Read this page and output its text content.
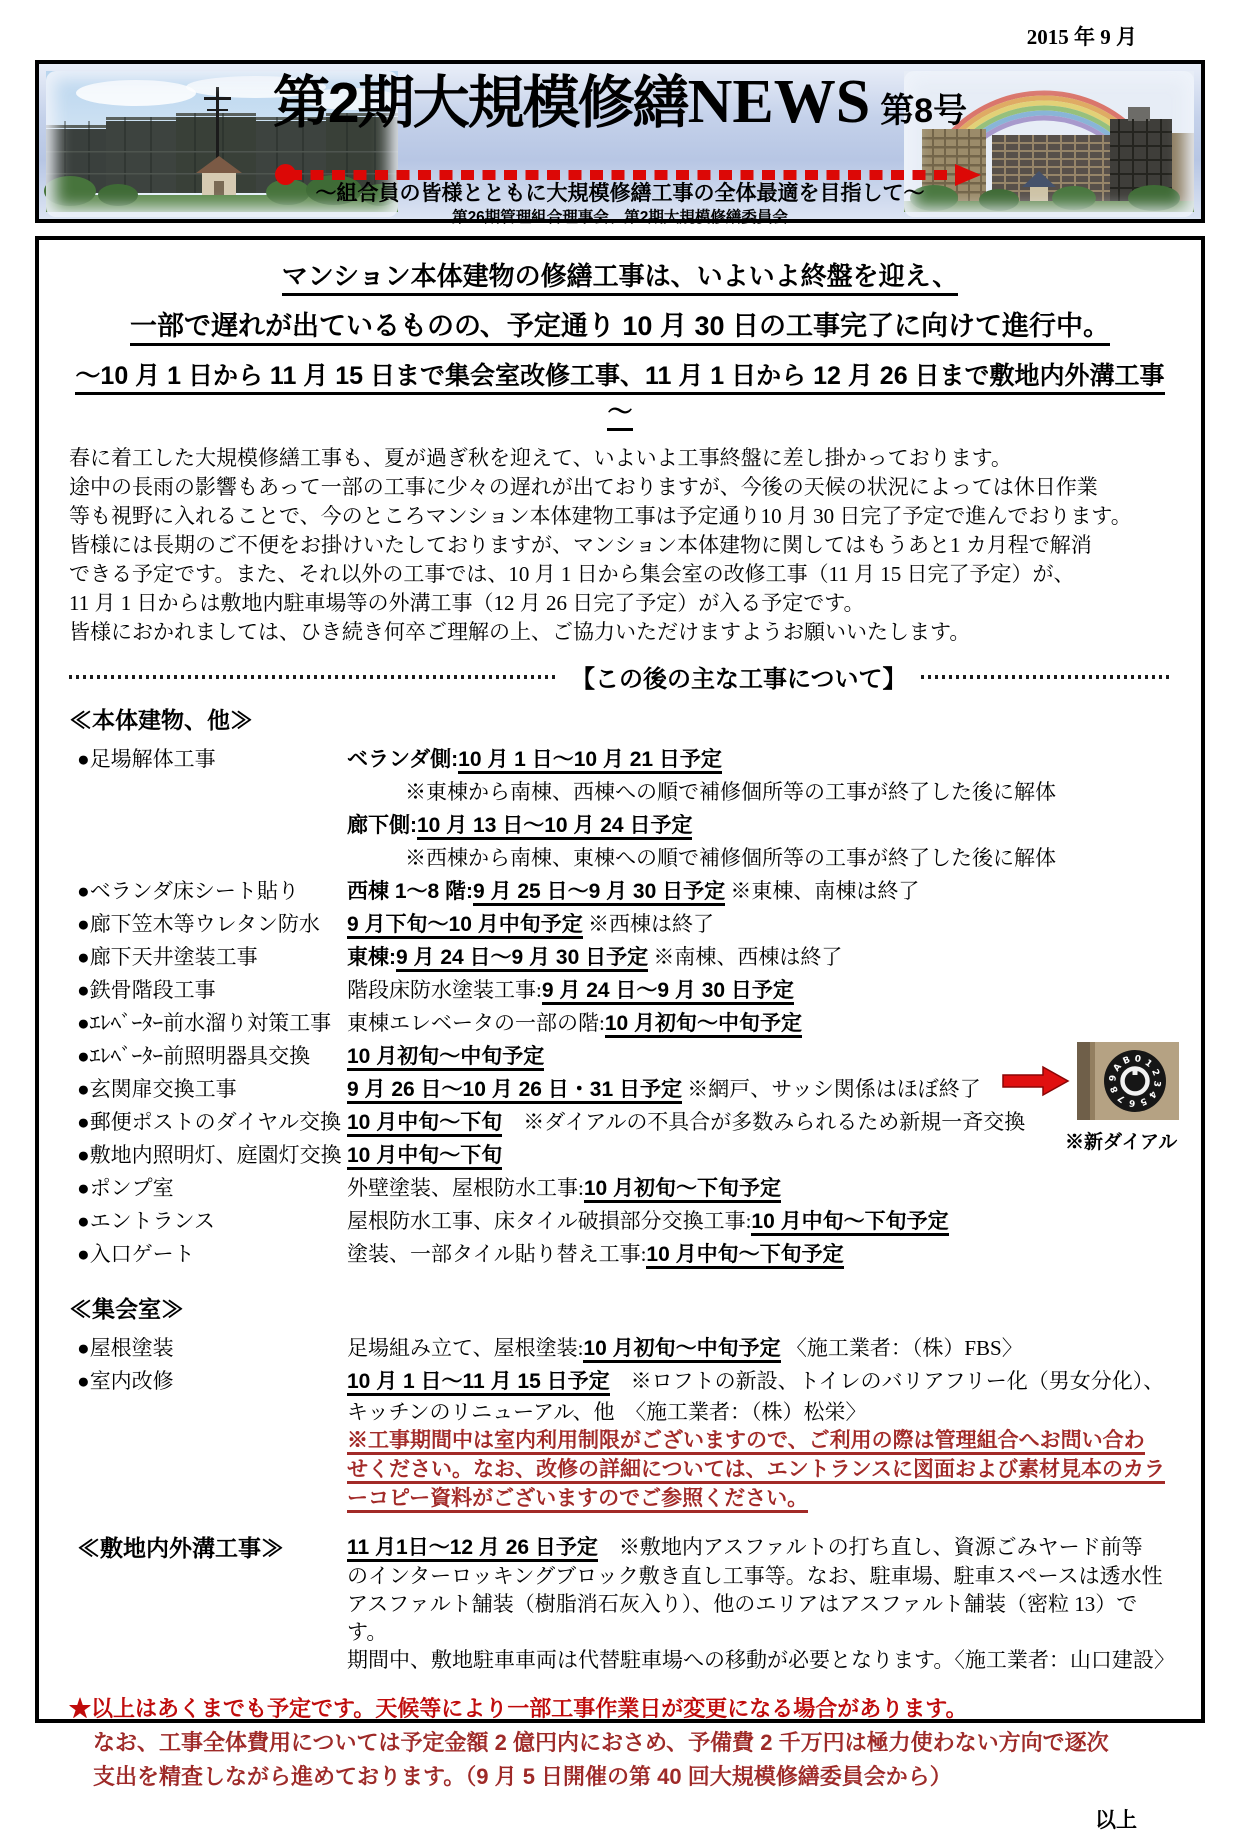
2015 年 9 月
第2期大規模修繕NEWS 第8号
～組合員の皆様とともに大規模修繕工事の全体最適を目指して～
第26期管理組合理事会、第2期大規模修繕委員会
マンション本体建物の修繕工事は、いよいよ終盤を迎え、
一部で遅れが出ているものの、予定通り 10 月 30 日の工事完了に向けて進行中。
～10 月 1 日から 11 月 15 日まで集会室改修工事、11 月 1 日から 12 月 26 日まで敷地内外溝工事～
春に着工した大規模修繕工事も、夏が過ぎ秋を迎えて、いよいよ工事終盤に差し掛かっております。
途中の長雨の影響もあって一部の工事に少々の遅れが出ておりますが、今後の天候の状況によっては休日作業
等も視野に入れることで、今のところマンション本体建物工事は予定通り10 月 30 日完了予定で進んでおります。
皆様には長期のご不便をお掛けいたしておりますが、マンション本体建物に関してはもうあと1 カ月程で解消
できる予定です。また、それ以外の工事では、10 月 1 日から集会室の改修工事（11 月 15 日完了予定）が、
11 月 1 日からは敷地内駐車場等の外溝工事（12 月 26 日完了予定）が入る予定です。
皆様におかれましては、ひき続き何卒ご理解の上、ご協力いただけますようお願いいたします。
【この後の主な工事について】
≪本体建物、他≫
●足場解体工事	ベランダ側:10 月 1 日～10 月 21 日予定
※東棟から南棟、西棟への順で補修個所等の工事が終了した後に解体
廊下側:10 月 13 日～10 月 24 日予定
※西棟から南棟、東棟への順で補修個所等の工事が終了した後に解体
●ベランダ床シート貼り	西棟 1～8 階:9 月 25 日～9 月 30 日予定 ※東棟、南棟は終了
●廊下笠木等ウレタン防水	9 月下旬～10 月中旬予定 ※西棟は終了
●廊下天井塗装工事	東棟:9 月 24 日～9 月 30 日予定 ※南棟、西棟は終了
●鉄骨階段工事	階段床防水塗装工事:9 月 24 日～9 月 30 日予定
●ｴﾚﾍﾞｰﾀｰ前水溜り対策工事 東棟エレベータの一部の階:10 月初旬～中旬予定
●ｴﾚﾍﾞｰﾀｰ前照明器具交換	10 月初旬～中旬予定
●玄関扉交換工事	9 月 26 日～10 月 26 日・31 日予定 ※網戸、サッシ関係はほぼ終了
●郵便ポストのダイヤル交換 10 月中旬～下旬　※ダイアルの不具合が多数みられるため新規一斉交換
●敷地内照明灯、庭園灯交換 10 月中旬～下旬
●ポンプ室	外壁塗装、屋根防水工事:10 月初旬～下旬予定
●エントランス	屋根防水工事、床タイル破損部分交換工事:10 月中旬～下旬予定
●入口ゲート	塗装、一部タイル貼り替え工事:10 月中旬～下旬予定
≪集会室≫
●屋根塗装	足場組み立て、屋根塗装:10 月初旬～中旬予定 〈施工業者：（株）FBS〉
●室内改修	10 月 1 日～11 月 15 日予定　※ロフトの新設、トイレのバリアフリー化（男女分化）、
キッチンのリニューアル、他　〈施工業者：（株）松栄〉
※工事期間中は室内利用制限がございますので、ご利用の際は管理組合へお問い合わ
せください。なお、改修の詳細については、エントランスに図面および素材見本のカラ
ーコピー資料がございますのでご参照ください。
≪敷地内外溝工事≫	11 月1日～12 月 26 日予定　※敷地内アスファルトの打ち直し、資源ごみヤード前等
のインターロッキングブロック敷き直し工事等。なお、駐車場、駐車スペースは透水性
アスファルト舗装（樹脂消石灰入り）、他のエリアはアスファルト舗装（密粒 13）です。
期間中、敷地駐車車両は代替駐車場への移動が必要となります。〈施工業者：山口建設〉
★以上はあくまでも予定です。天候等により一部工事作業日が変更になる場合があります。
なお、工事全体費用については予定金額 2 億円内におさめ、予備費 2 千万円は極力使わない方向で逐次
支出を精査しながら進めております。（9 月 5 日開催の第 40 回大規模修繕委員会から）
以上
0 1
2
3
4
5
6
7
8
9
A
B
※新ダイアル
